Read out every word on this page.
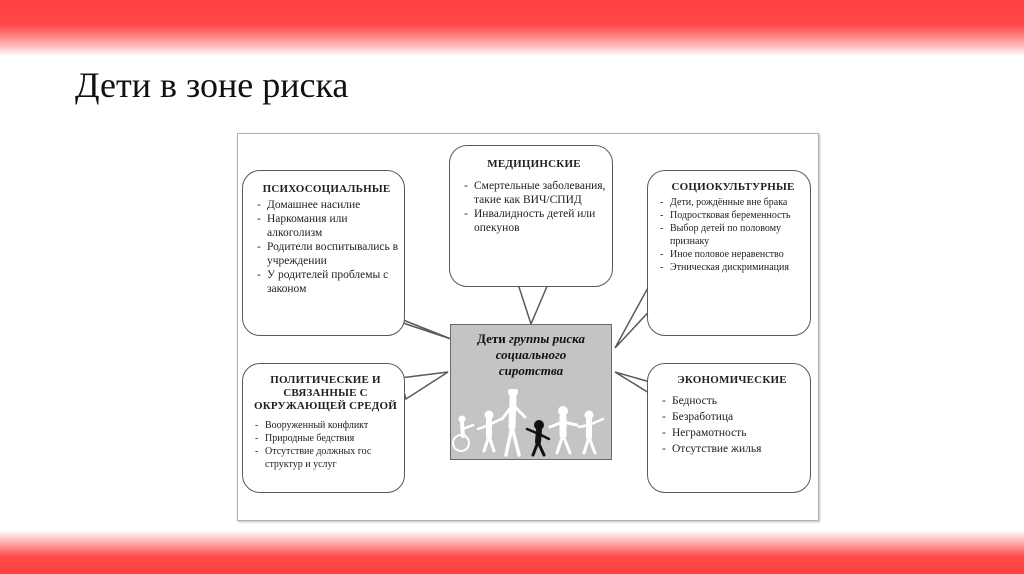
Дети в зоне риска
ПСИХОСОЦИАЛЬНЫЕ
- Домашнее насилие
- Наркомания или алкоголизм
- Родители воспитывались в учреждении
- У родителей проблемы с законом
МЕДИЦИНСКИЕ
- Смертельные заболевания, такие как ВИЧ/СПИД
- Инвалидность детей или опекунов
СОЦИОКУЛЬТУРНЫЕ
- Дети, рождённые вне брака
- Подростковая беременность
- Выбор детей по половому признаку
- Иное половое неравенство
- Этническая дискриминация
ПОЛИТИЧЕСКИЕ И СВЯЗАННЫЕ С ОКРУЖАЮЩЕЙ СРЕДОЙ
- Вооруженный конфликт
- Природные бедствия
- Отсутствие должных гос структур и услуг
ЭКОНОМИЧЕСКИЕ
- Бедность
- Безработица
- Неграмотность
- Отсутствие жилья
Дети группы риска
социального
сиротства
